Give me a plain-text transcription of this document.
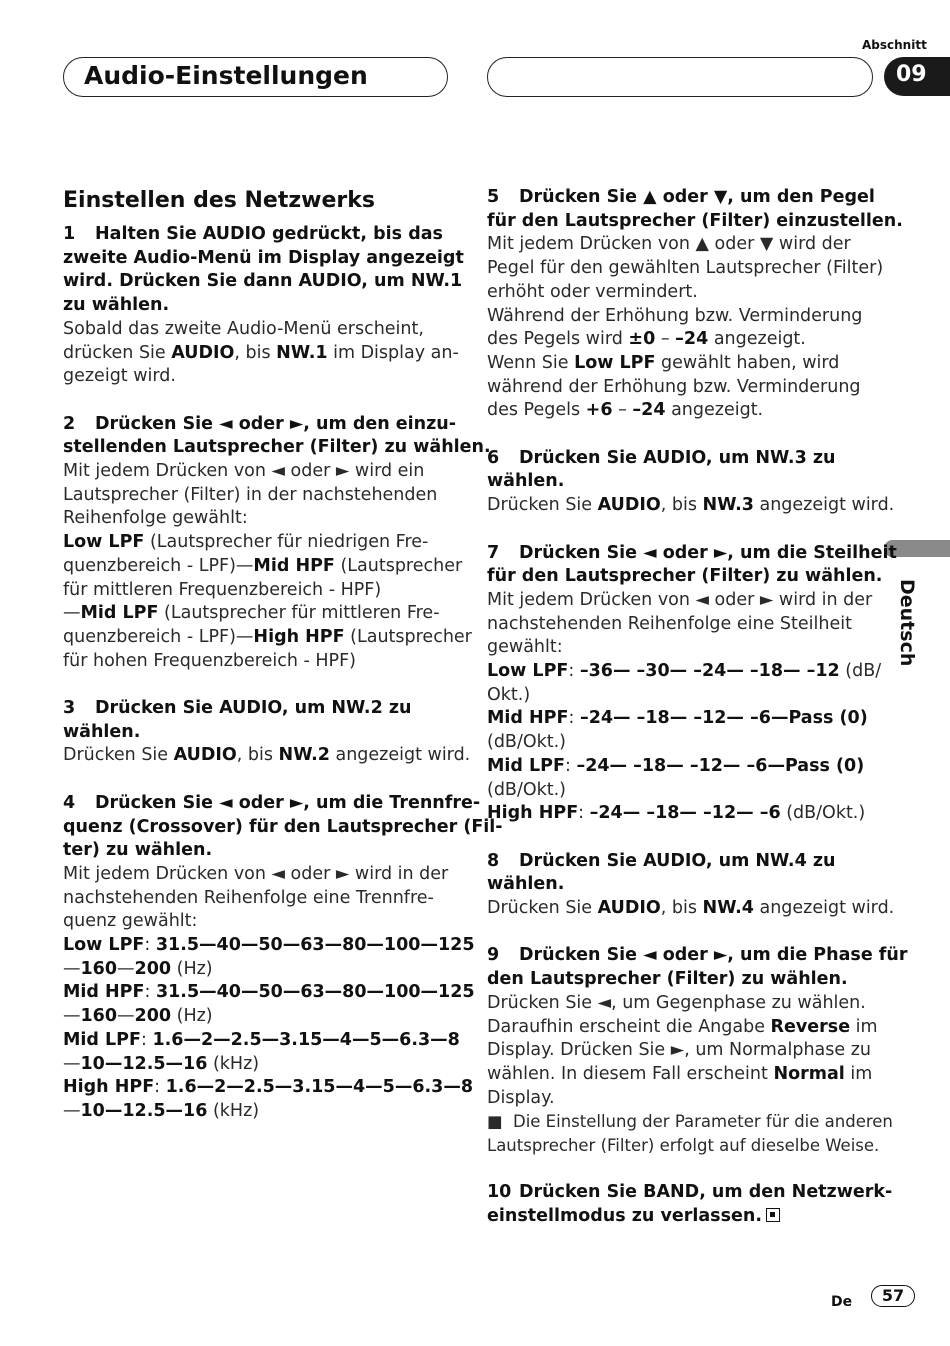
Audio-Einstellungen
Abschnitt
09
Deutsch
Einstellen des Netzwerks
1 Halten Sie AUDIO gedrückt, bis das
zweite Audio-Menü im Display angezeigt
wird. Drücken Sie dann AUDIO, um NW.1
zu wählen.
Sobald das zweite Audio-Menü erscheint,
drücken Sie AUDIO, bis NW.1 im Display an-
gezeigt wird.
2 Drücken Sie ◄ oder ►, um den einzu-
stellenden Lautsprecher (Filter) zu wählen.
Mit jedem Drücken von ◄ oder ► wird ein
Lautsprecher (Filter) in der nachstehenden
Reihenfolge gewählt:
Low LPF (Lautsprecher für niedrigen Fre-
quenzbereich - LPF)—Mid HPF (Lautsprecher
für mittleren Frequenzbereich - HPF)
—Mid LPF (Lautsprecher für mittleren Fre-
quenzbereich - LPF)—High HPF (Lautsprecher
für hohen Frequenzbereich - HPF)
3 Drücken Sie AUDIO, um NW.2 zu
wählen.
Drücken Sie AUDIO, bis NW.2 angezeigt wird.
4 Drücken Sie ◄ oder ►, um die Trennfre-
quenz (Crossover) für den Lautsprecher (Fil-
ter) zu wählen.
Mit jedem Drücken von ◄ oder ► wird in der
nachstehenden Reihenfolge eine Trennfre-
quenz gewählt:
Low LPF: 31.5—40—50—63—80—100—125
—160—200 (Hz)
Mid HPF: 31.5—40—50—63—80—100—125
—160—200 (Hz)
Mid LPF: 1.6—2—2.5—3.15—4—5—6.3—8
—10—12.5—16 (kHz)
High HPF: 1.6—2—2.5—3.15—4—5—6.3—8
—10—12.5—16 (kHz)
5 Drücken Sie ▲ oder ▼, um den Pegel
für den Lautsprecher (Filter) einzustellen.
Mit jedem Drücken von ▲ oder ▼ wird der
Pegel für den gewählten Lautsprecher (Filter)
erhöht oder vermindert.
Während der Erhöhung bzw. Verminderung
des Pegels wird ±0 – –24 angezeigt.
Wenn Sie Low LPF gewählt haben, wird
während der Erhöhung bzw. Verminderung
des Pegels +6 – –24 angezeigt.
6 Drücken Sie AUDIO, um NW.3 zu
wählen.
Drücken Sie AUDIO, bis NW.3 angezeigt wird.
7 Drücken Sie ◄ oder ►, um die Steilheit
für den Lautsprecher (Filter) zu wählen.
Mit jedem Drücken von ◄ oder ► wird in der
nachstehenden Reihenfolge eine Steilheit
gewählt:
Low LPF: –36— –30— –24— –18— –12 (dB/
Okt.)
Mid HPF: –24— –18— –12— –6—Pass (0)
(dB/Okt.)
Mid LPF: –24— –18— –12— –6—Pass (0)
(dB/Okt.)
High HPF: –24— –18— –12— –6 (dB/Okt.)
8 Drücken Sie AUDIO, um NW.4 zu
wählen.
Drücken Sie AUDIO, bis NW.4 angezeigt wird.
9 Drücken Sie ◄ oder ►, um die Phase für
den Lautsprecher (Filter) zu wählen.
Drücken Sie ◄, um Gegenphase zu wählen.
Daraufhin erscheint die Angabe Reverse im
Display. Drücken Sie ►, um Normalphase zu
wählen. In diesem Fall erscheint Normal im
Display.
■ Die Einstellung der Parameter für die anderen
Lautsprecher (Filter) erfolgt auf dieselbe Weise.
10 Drücken Sie BAND, um den Netzwerk-
einstellmodus zu verlassen.
De	57
